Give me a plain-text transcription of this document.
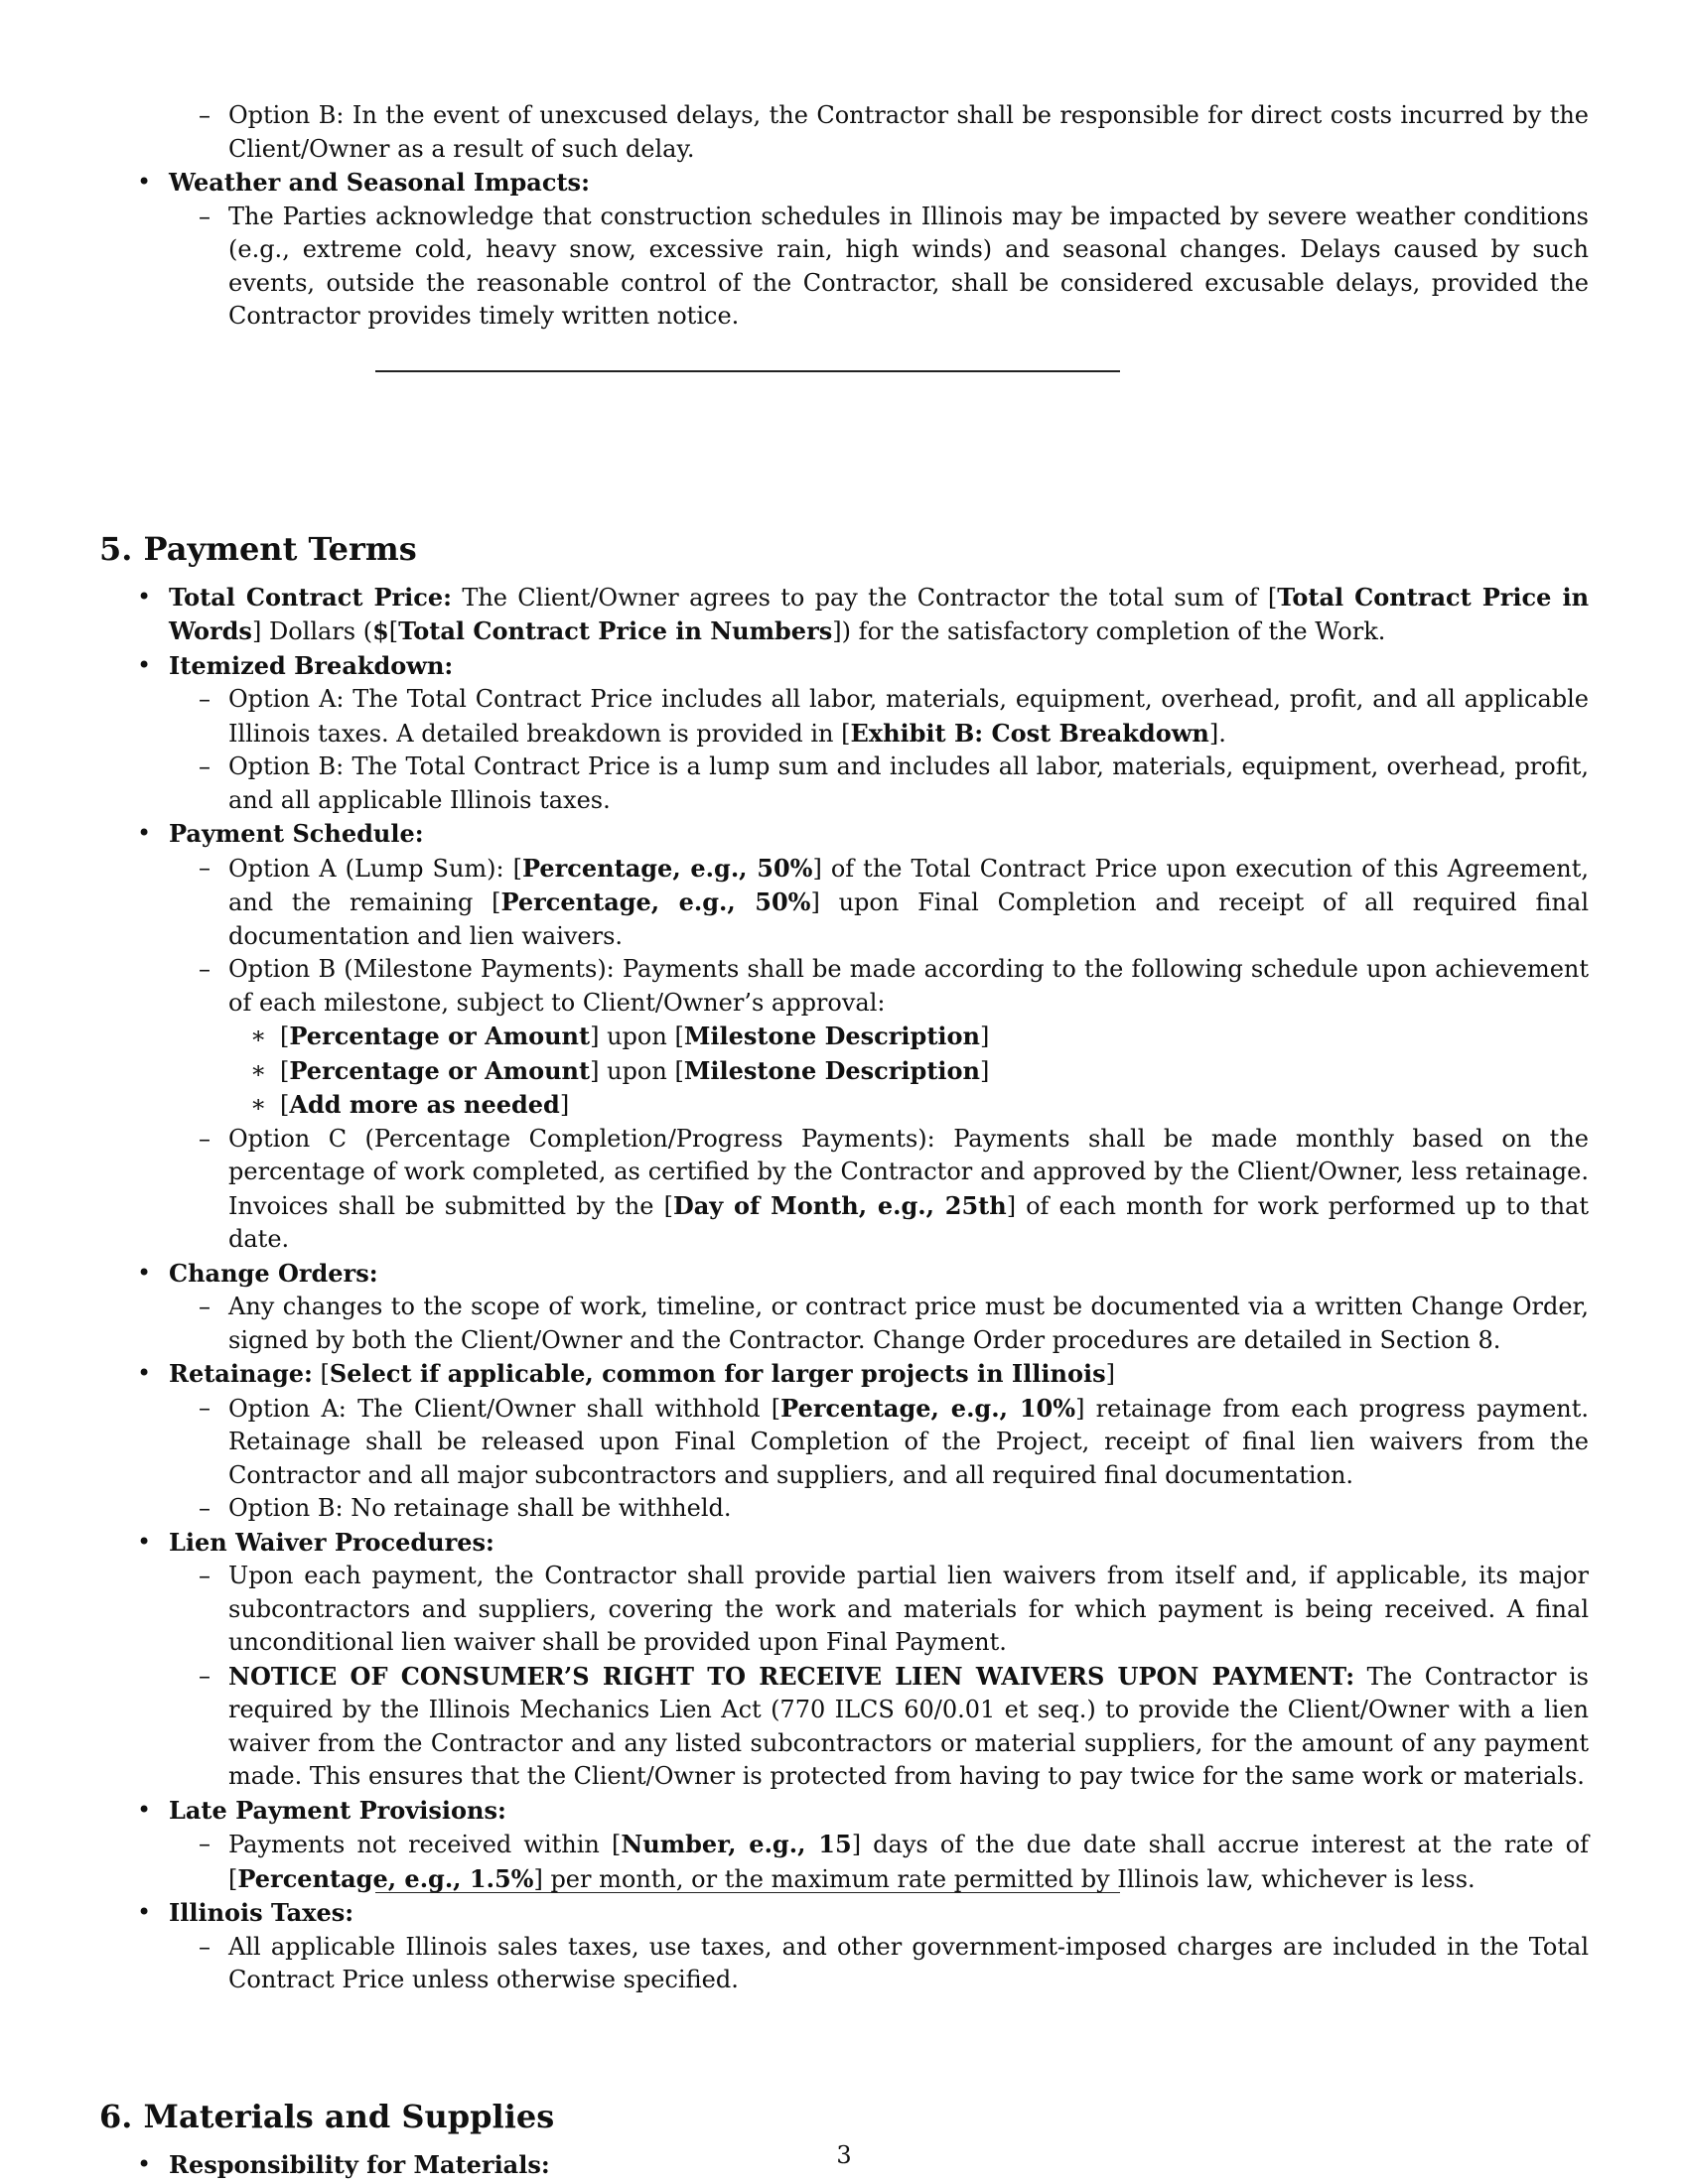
– Option B: In the event of unexcused delays, the Contractor shall be responsible for direct costs incurred by the Client/Owner as a result of such delay.

• Weather and Seasonal Impacts:

– The Parties acknowledge that construction schedules in Illinois may be impacted by severe weather conditions (e.g., extreme cold, heavy snow, excessive rain, high winds) and seasonal changes. Delays caused by such events, outside the reasonable control of the Contractor, shall be considered excusable delays, provided the Contractor provides timely written notice.

5. Payment Terms

• Total Contract Price: The Client/Owner agrees to pay the Contractor the total sum of [Total Contract Price in Words] Dollars ($[Total Contract Price in Numbers]) for the satisfactory completion of the Work.

• Itemized Breakdown:

– Option A: The Total Contract Price includes all labor, materials, equipment, overhead, profit, and all applicable Illinois taxes. A detailed breakdown is provided in [Exhibit B: Cost Breakdown].

– Option B: The Total Contract Price is a lump sum and includes all labor, materials, equipment, overhead, profit, and all applicable Illinois taxes.

• Payment Schedule:

– Option A (Lump Sum): [Percentage, e.g., 50%] of the Total Contract Price upon execution of this Agreement, and the remaining [Percentage, e.g., 50%] upon Final Completion and receipt of all required final documentation and lien waivers.

– Option B (Milestone Payments): Payments shall be made according to the following schedule upon achievement of each milestone, subject to Client/Owner’s approval:

∗ [Percentage or Amount] upon [Milestone Description]

∗ [Percentage or Amount] upon [Milestone Description]

∗ [Add more as needed]

– Option C (Percentage Completion/Progress Payments): Payments shall be made monthly based on the percentage of work completed, as certified by the Contractor and approved by the Client/Owner, less retainage. Invoices shall be submitted by the [Day of Month, e.g., 25th] of each month for work performed up to that date.

• Change Orders:

– Any changes to the scope of work, timeline, or contract price must be documented via a written Change Order, signed by both the Client/Owner and the Contractor. Change Order procedures are detailed in Section 8.

• Retainage: [Select if applicable, common for larger projects in Illinois]

– Option A: The Client/Owner shall withhold [Percentage, e.g., 10%] retainage from each progress payment. Retainage shall be released upon Final Completion of the Project, receipt of final lien waivers from the Contractor and all major subcontractors and suppliers, and all required final documentation.

– Option B: No retainage shall be withheld.

• Lien Waiver Procedures:

– Upon each payment, the Contractor shall provide partial lien waivers from itself and, if applicable, its major subcontractors and suppliers, covering the work and materials for which payment is being received. A final unconditional lien waiver shall be provided upon Final Payment.

– NOTICE OF CONSUMER’S RIGHT TO RECEIVE LIEN WAIVERS UPON PAYMENT: The Contractor is required by the Illinois Mechanics Lien Act (770 ILCS 60/0.01 et seq.) to provide the Client/Owner with a lien waiver from the Contractor and any listed subcontractors or material suppliers, for the amount of any payment made. This ensures that the Client/Owner is protected from having to pay twice for the same work or materials.

• Late Payment Provisions:

– Payments not received within [Number, e.g., 15] days of the due date shall accrue interest at the rate of [Percentage, e.g., 1.5%] per month, or the maximum rate permitted by Illinois law, whichever is less.

• Illinois Taxes:

– All applicable Illinois sales taxes, use taxes, and other government-imposed charges are included in the Total Contract Price unless otherwise specified.

6. Materials and Supplies

• Responsibility for Materials:	3
